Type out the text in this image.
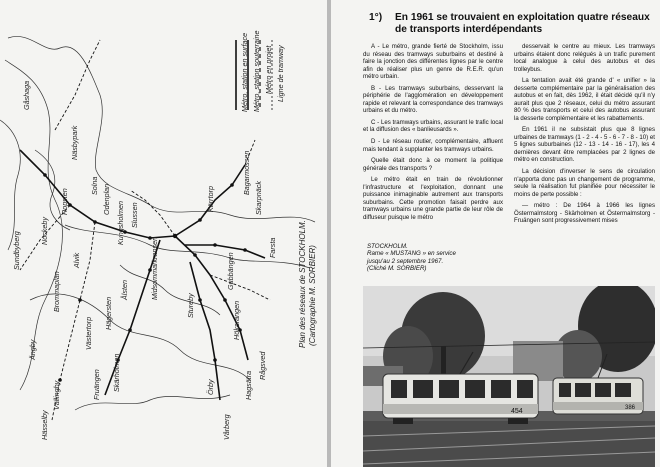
Gåshaga
Ropsten
Slussen
Odenplan
Alvik
Brommaplan
Hässelby
Vällingby
Kärrtorp
Hökarängen
Farsta
Hagsätra
Rågsved
Skärholmen
Bagarmossen
Gubbängen
Skarpnäck
Örby
Stureby
Vårberg
Fruängen
Hägersten
Västertorp
Sundbyberg
Nockeby
Ålsten
Kungsholmen
Solna
Näsbypark
Ängby
Midsommarkransen
Métro, station en surface Métro, station souterraine Métro en projet Ligne de tramway
Plan des réseaux de STOCKHOLM. (Cartographie M. SORBIER)
1°) En 1961 se trouvaient en exploitation quatre réseaux
de transports interdépendants

A - Le métro, grande fierté de Stockholm, issu du réseau des tramways suburbains et destiné à faire la jonction des différentes lignes par le centre afin de réaliser plus un genre de R.E.R. qu'un métro urbain.

B - Les tramways suburbains, desservant la périphérie de l'agglomération en développement rapide et relevant la correspondance des tramways urbains et du métro.

C - Les tramways urbains, assurant le trafic local et la diffusion des « banlieusards ».

D - Le réseau routier, complémentaire, affluent mais tendant à supplanter les tramways urbains.

Quelle était donc à ce moment la politique générale des transports ?

Le métro était en train de révolutionner l'infrastructure et l'exploitation, donnant une puissance inimaginable autrement aux transports suburbains. Cette promotion faisait perdre aux tramways urbains une grande partie de leur rôle de diffuseur puisque le métro

desservait le centre au mieux. Les tramways urbains étaient donc relégués à un trafic purement local analogue à celui des autobus et des trolleybus.

La tentation avait été grande d' « unifier » la desserte complémentaire par la généralisation des autobus et en fait, dès 1962, il était décidé qu'il n'y aurait plus que 2 réseaux, celui du métro assurant 80 % des transports et celui des autobus assurant la desserte complémentaire et les rabattements.

En 1961 il ne subsistait plus que 8 lignes urbaines de tramways (1 - 2 - 4 - 5 - 6 - 7 - 8 - 10) et 5 lignes suburbaines (12 - 13 - 14 - 16 - 17), les 4 dernières devant être remplacées par 2 lignes de métro en construction.

La décision d'inverser le sens de circulation n'apporta donc pas un changement de programme, seule la réalisation fut planifiée pour nécessiter le moins de perte possible :

— métro : De 1964 à 1966 les lignes Östermalmstorg - Skärholmen et Östermalmstorg - Fruängen sont progressivement mises

STOCKHOLM.
Rame « MUSTANG » en service
jusqu'au 2 septembre 1967.
(Cliché M. SORBIER)
454	386
